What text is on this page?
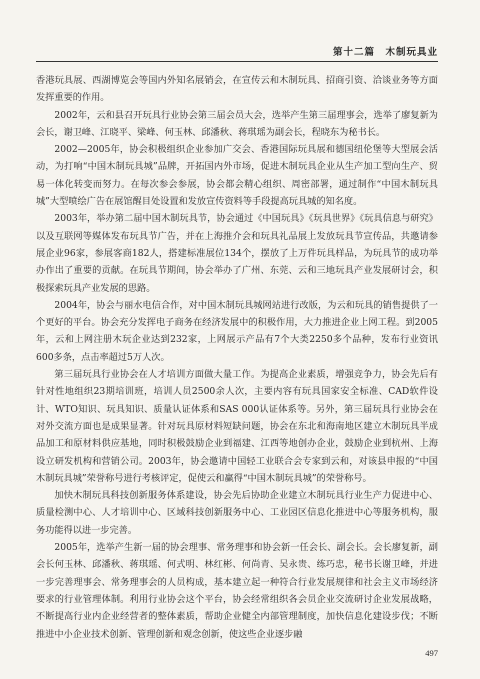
第十二篇　木制玩具业

香港玩具展、西湖博览会等国内外知名展销会，在宣传云和木制玩具、招商引资、洽谈业务等方面发挥重要的作用。

2002年，云和县召开玩具行业协会第三届会员大会，选举产生第三届理事会，选举了廖复新为会长，谢卫峰、江晓平、梁峰、何玉林、邱潘秋、蒋琪瑶为副会长，程晓东为秘书长。

2002—2005年，协会积极组织企业参加广交会、香港国际玩具展和德国纽伦堡等大型展会活动，为打响“中国木制玩具城”品牌，开拓国内外市场，促进木制玩具企业从生产加工型向生产、贸易一体化转变而努力。在每次参会参展，协会都会精心组织、周密部署，通过制作“中国木制玩具城”大型喷绘广告在展馆醒目处设置和发放宣传资料等手段提高玩具城的知名度。

2003年，举办第二届中国木制玩具节，协会通过《中国玩具》《玩具世界》《玩具信息与研究》以及互联网等媒体发布玩具节广告，并在上海推介会和玩具礼品展上发放玩具节宣传品，共邀请参展企业96家，参展客商182人，搭建标准展位134个，摆放了上万件玩具样品，为玩具节的成功举办作出了重要的贡献。在玩具节期间，协会举办了广州、东莞、云和三地玩具产业发展研讨会，积极探索玩具产业发展的思路。

2004年，协会与丽水电信合作，对中国木制玩具城网站进行改版，为云和玩具的销售提供了一个更好的平台。协会充分发挥电子商务在经济发展中的积极作用，大力推进企业上网工程。到2005年，云和上网注册木玩企业达到232家，上网展示产品有7个大类2250多个品种，发布行业资讯600多条，点击率超过5万人次。

第三届玩具行业协会在人才培训方面做大量工作。为提高企业素质，增强竞争力，协会先后有针对性地组织23期培训班，培训人员2500余人次，主要内容有玩具国家安全标准、CAD软件设计、WTO知识、玩具知识、质量认证体系和SAS 000认证体系等。另外，第三届玩具行业协会在对外交流方面也是成果显著。针对玩具原材料短缺问题，协会在东北和海南地区建立木制玩具半成品加工和原材料供应基地，同时积极鼓励企业到福建、江西等地创办企业，鼓励企业到杭州、上海设立研发机构和营销公司。2003年，协会邀请中国轻工业联合会专家到云和，对该县申报的“中国木制玩具城”荣誉称号进行考核评定，促使云和赢得“中国木制玩具城”的荣誉称号。

加快木制玩具科技创新服务体系建设，协会先后协助企业建立木制玩具行业生产力促进中心、质量检测中心、人才培训中心、区域科技创新服务中心、工业园区信息化推进中心等服务机构，服务功能得以进一步完善。

2005年，选举产生新一届的协会理事、常务理事和协会新一任会长、副会长。会长廖复新，副会长何玉林、邱潘秋、蒋琪瑶、何式明、林红彬、何尚青、吴永贵、练巧忠，秘书长谢卫峰，并进一步完善理事会、常务理事会的人员构成，基本建立起一种符合行业发展规律和社会主义市场经济要求的行业管理体制。利用行业协会这个平台，协会经常组织各会员企业交流研讨企业发展战略，不断提高行业内企业经营者的整体素质，帮助企业健全内部管理制度，加快信息化建设步伐；不断推进中小企业技术创新、管理创新和观念创新，使这些企业逐步融

497
